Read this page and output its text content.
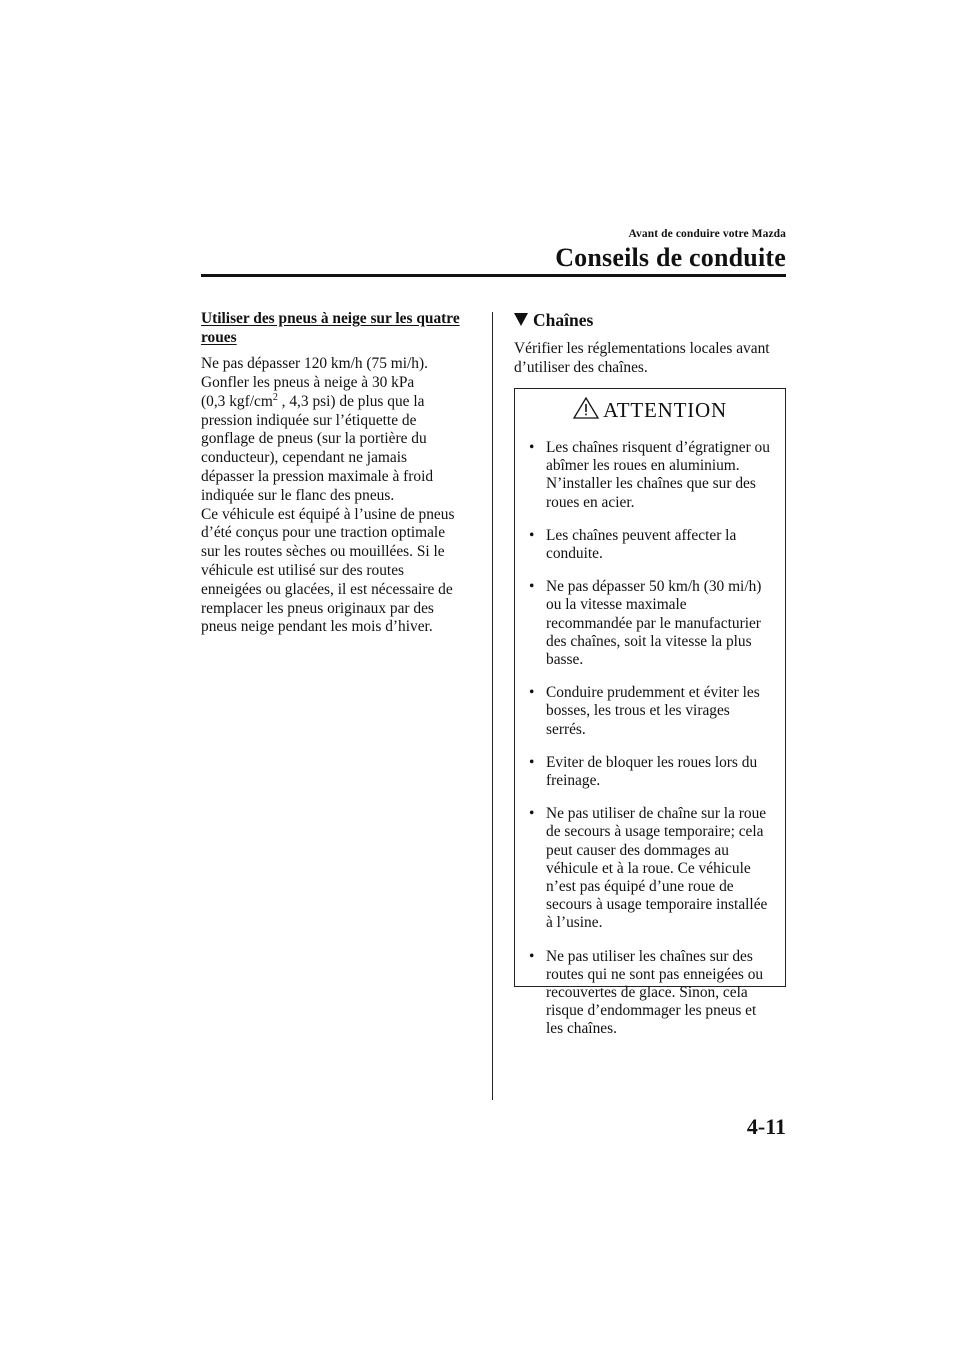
Avant de conduire votre Mazda
Conseils de conduite
Utiliser des pneus à neige sur les quatre roues
Ne pas dépasser 120 km/h (75 mi/h).
Gonfler les pneus à neige à 30 kPa
(0,3 kgf/$cm^2$ , 4,3 psi) de plus que la
pression indiquée sur l’étiquette de
gonflage de pneus (sur la portière du
conducteur), cependant ne jamais
dépasser la pression maximale à froid
indiquée sur le flanc des pneus.
Ce véhicule est équipé à l’usine de pneus
d’été conçus pour une traction optimale
sur les routes sèches ou mouillées. Si le
véhicule est utilisé sur des routes
enneigées ou glacées, il est nécessaire de
remplacer les pneus originaux par des
pneus neige pendant les mois d’hiver.
Chaînes
Vérifier les réglementations locales avant
d’utiliser des chaînes.
ATTENTION
• Les chaînes risquent d’égratigner ou
abîmer les roues en aluminium.
N’installer les chaînes que sur des
roues en acier.
• Les chaînes peuvent affecter la
conduite.
• Ne pas dépasser 50 km/h (30 mi/h)
ou la vitesse maximale
recommandée par le manufacturier
des chaînes, soit la vitesse la plus
basse.
• Conduire prudemment et éviter les
bosses, les trous et les virages
serrés.
• Eviter de bloquer les roues lors du
freinage.
• Ne pas utiliser de chaîne sur la roue
de secours à usage temporaire; cela
peut causer des dommages au
véhicule et à la roue. Ce véhicule
n’est pas équipé d’une roue de
secours à usage temporaire installée
à l’usine.
• Ne pas utiliser les chaînes sur des
routes qui ne sont pas enneigées ou
recouvertes de glace. Sinon, cela
risque d’endommager les pneus et
les chaînes.
4-11
